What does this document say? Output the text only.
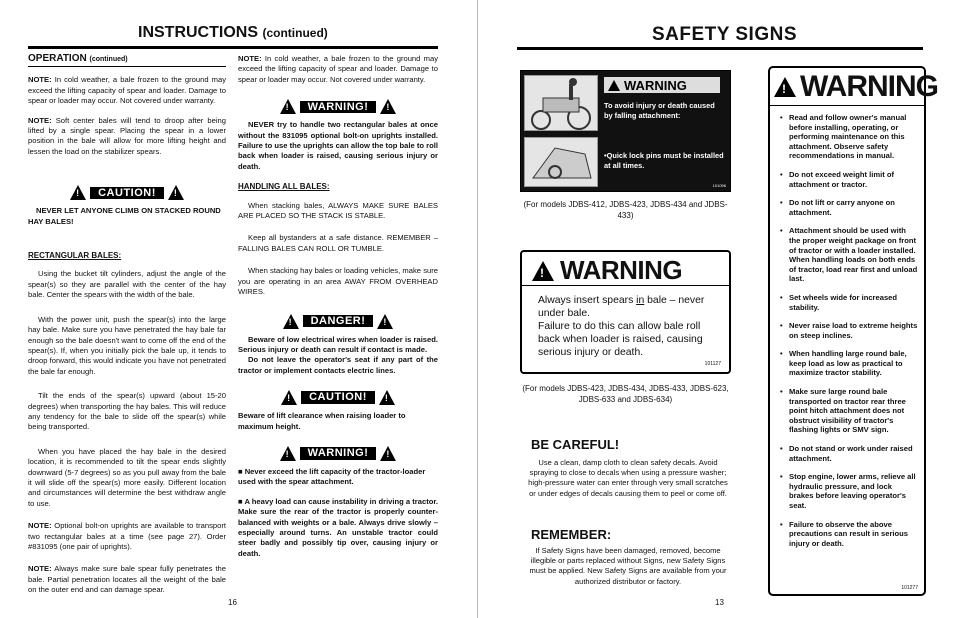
INSTRUCTIONS (continued)
OPERATION (continued)

NOTE: In cold weather, a bale frozen to the ground may exceed the lifting capacity of spear and loader. Damage to spear or loader may occur. Not covered under warranty.

NOTE: Soft center bales will tend to droop after being lifted by a single spear. Placing the spear in a lower position in the bale will allow for more lifting height and lessen the load on the stabilizer spears.

!
CAUTION!
!

NEVER LET ANYONE CLIMB ON STACKED ROUND HAY BALES!

RECTANGULAR BALES:

Using the bucket tilt cylinders, adjust the angle of the spear(s) so they are parallel with the center of the hay bale. Center the spears with the width of the bale.

With the power unit, push the spear(s) into the large hay bale. Make sure you have penetrated the hay bale far enough so the bale doesn't want to come off the end of the spear(s). If, when you initially pick the bale up, it tends to droop forward, this would indicate you have not penetrated the bale far enough.

Tilt the ends of the spear(s) upward (about 15-20 degrees) when transporting the hay bales. This will reduce any tendency for the bale to slide off the spear(s) while being transported.

When you have placed the hay bale in the desired location, it is recommended to tilt the spear ends slightly downward (5-7 degrees) so as you pull away from the bale it will slide off the spear(s) more easily. Different location and circumstances will determine the best withdraw angle to use.

NOTE: Optional bolt-on uprights are available to transport two rectangular bales at a time (see page 27). Order #831095 (one pair of uprights).

NOTE: Always make sure bale spear fully penetrates the bale. Partial penetration locates all the weight of the bale on the outer end and can damage spear.

NOTE: In cold weather, a bale frozen to the ground may exceed the lifting capacity of spear and loader. Damage to spear or loader may occur. Not covered under warranty.

!
WARNING!
!

NEVER try to handle two rectangular bales at once without the 831095 optional bolt-on uprights installed. Failure to use the uprights can allow the top bale to roll back when loader is raised, causing serious injury or death.

HANDLING ALL BALES:

When stacking bales, ALWAYS MAKE SURE BALES ARE PLACED SO THE STACK IS STABLE.

Keep all bystanders at a safe distance. REMEMBER – FALLING BALES CAN ROLL OR TUMBLE.

When stacking hay bales or loading vehicles, make sure you are operating in an area AWAY FROM OVERHEAD WIRES.

!
DANGER!
!

Beware of low electrical wires when loader is raised. Serious injury or death can result if contact is made.

Do not leave the operator's seat if any part of the tractor or implement contacts electric lines.

!
CAUTION!
!

Beware of lift clearance when raising loader to maximum height.

!
WARNING!
!

■ Never exceed the lift capacity of the tractor-loader used with the spear attachment.

■ A heavy load can cause instability in driving a tractor. Make sure the rear of the tractor is properly counter-balanced with weights or a bale. Always drive slowly – especially around turns. An unstable tractor could steer badly and possibly tip over, causing injury or death.

16
SAFETY SIGNS
WARNING
To avoid injury or death caused by falling attachment:
•Quick lock pins must be installed at all times.
101096
(For models JDBS-412, JDBS-423, JDBS-434 and JDBS-433)
!
WARNING
Always insert spears in bale – never under bale.
Failure to do this can allow bale roll back when loader is raised, causing serious injury or death.
101127
(For models JDBS-423, JDBS-434, JDBS-433, JDBS-623, JDBS-633 and JDBS-634)
BE CAREFUL!
Use a clean, damp cloth to clean safety decals. Avoid spraying to close to decals when using a pressure washer; high-pressure water can enter through very small scratches or under edges of decals causing them to peel or come off.
REMEMBER:
If Safety Signs have been damaged, removed, become illegible or parts replaced without Signs, new Safety Signs must be applied. New Safety Signs are available from your authorized distributor or factory.
!
WARNING
• Read and follow owner's manual before installing, operating, or performing maintenance on this attachment. Observe safety recommendations in manual.
• Do not exceed weight limit of attachment or tractor.
• Do not lift or carry anyone on attachment.
• Attachment should be used with the proper weight package on front of tractor or with a loader installed. When handling loads on both ends of tractor, load rear first and unload last.
• Set wheels wide for increased stability.
• Never raise load to extreme heights on steep inclines.
• When handling large round bale, keep load as low as practical to maximize tractor stability.
• Make sure large round bale transported on tractor rear three point hitch attachment does not obstruct visibility of tractor's flashing lights or SMV sign.
• Do not stand or work under raised attachment.
• Stop engine, lower arms, relieve all hydraulic pressure, and lock brakes before leaving operator's seat.
• Failure to observe the above precautions can result in serious injury or death.
101277
13
